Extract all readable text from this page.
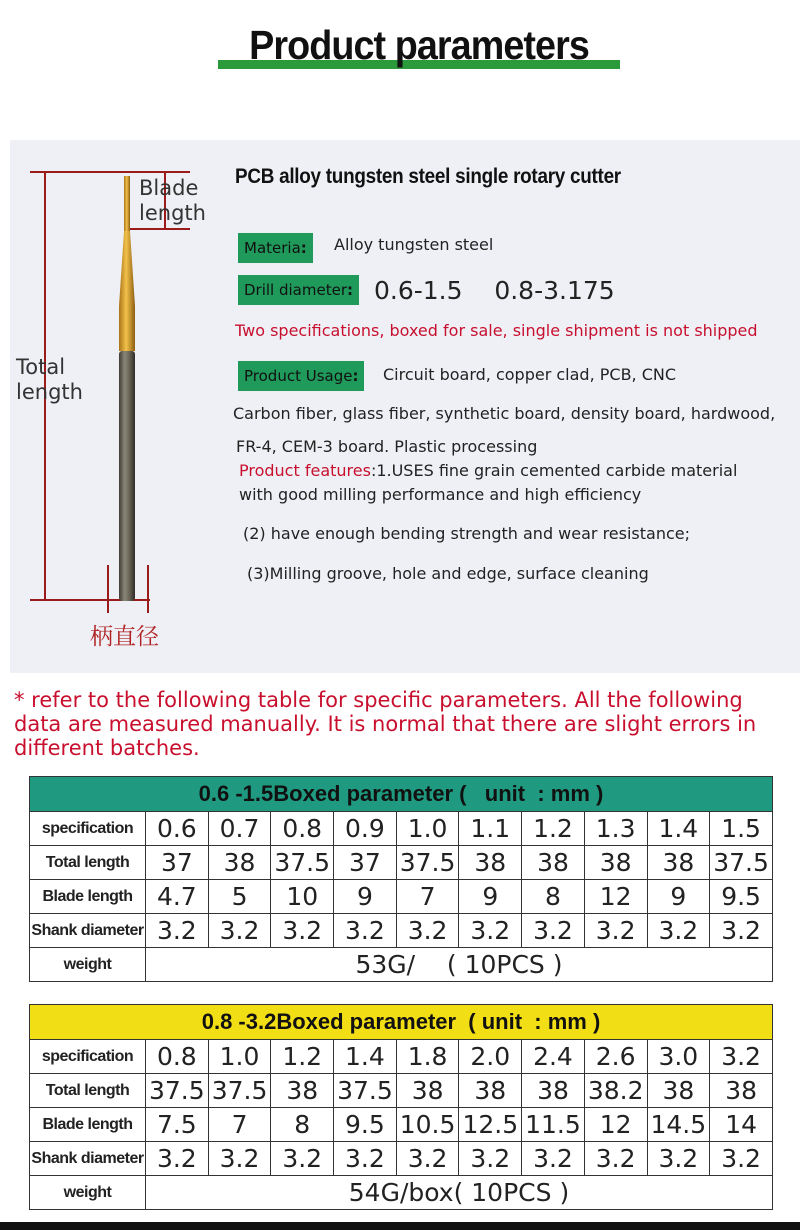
Product parameters
Blade
length
Total
length
柄直径
PCB alloy tungsten steel single rotary cutter
Materia:	Alloy tungsten steel
Drill diameter: 0.6-1.5    0.8-3.175
Two specifications, boxed for sale, single shipment is not shipped
Product Usage:	Circuit board, copper clad, PCB, CNC
Carbon fiber, glass fiber, synthetic board, density board, hardwood,
FR-4, CEM-3 board. Plastic processing
Product features:1.USES fine grain cemented carbide material
with good milling performance and high efficiency
(2) have enough bending strength and wear resistance;
(3)Milling groove, hole and edge, surface cleaning
* refer to the following table for specific parameters. All the following data are measured manually. It is normal that there are slight errors in different batches.
0.6 -1.5Boxed parameter (   unit  : mm )										
specification	0.6	0.7	0.8	0.9	1.0	1.1	1.2	1.3	1.4	1.5
Total length	37	38	37.5	37	37.5	38	38	38	38	37.5
Blade length	4.7	5	10	9	7	9	8	12	9	9.5
Shank diameter	3.2	3.2	3.2	3.2	3.2	3.2	3.2	3.2	3.2	3.2
weight	53G/    ( 10PCS )									
0.8 -3.2Boxed parameter  ( unit  : mm )										
specification	0.8	1.0	1.2	1.4	1.8	2.0	2.4	2.6	3.0	3.2
Total length	37.5	37.5	38	37.5	38	38	38	38.2	38	38
Blade length	7.5	7	8	9.5	10.5	12.5	11.5	12	14.5	14
Shank diameter	3.2	3.2	3.2	3.2	3.2	3.2	3.2	3.2	3.2	3.2
weight	54G/box( 10PCS )									
